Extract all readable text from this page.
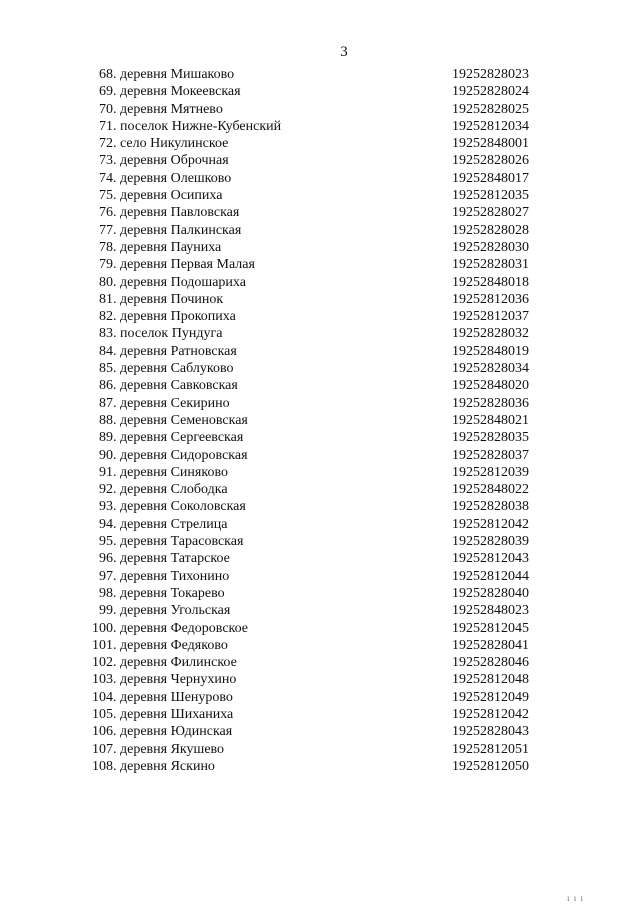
3
68. деревня Мишаково	19252828023
69. деревня Мокеевская	19252828024
70. деревня Мятнево	19252828025
71. поселок Нижне-Кубенский	19252812034
72. село Никулинское	19252848001
73. деревня Оброчная	19252828026
74. деревня Олешково	19252848017
75. деревня Осипиха	19252812035
76. деревня Павловская	19252828027
77. деревня Палкинская	19252828028
78. деревня Пауниха	19252828030
79. деревня Первая Малая	19252828031
80. деревня Подошариха	19252848018
81. деревня Починок	19252812036
82. деревня Прокопиха	19252812037
83. поселок Пундуга	19252828032
84. деревня Ратновская	19252848019
85. деревня Саблуково	19252828034
86. деревня Савковская	19252848020
87. деревня Секирино	19252828036
88. деревня Семеновская	19252848021
89. деревня Сергеевская	19252828035
90. деревня Сидоровская	19252828037
91. деревня Синяково	19252812039
92. деревня Слободка	19252848022
93. деревня Соколовская	19252828038
94. деревня Стрелица	19252812042
95. деревня Тарасовская	19252828039
96. деревня Татарское	19252812043
97. деревня Тихонино	19252812044
98. деревня Токарево	19252828040
99. деревня Угольская	19252848023
100. деревня Федоровское	19252812045
101. деревня Федяково	19252828041
102. деревня Филинское	19252828046
103. деревня Чернухино	19252812048
104. деревня Шенурово	19252812049
105. деревня Шиханиха	19252812042
106. деревня Юдинская	19252828043
107. деревня Якушево	19252812051
108. деревня Яскино	19252812050
ı ı ı
